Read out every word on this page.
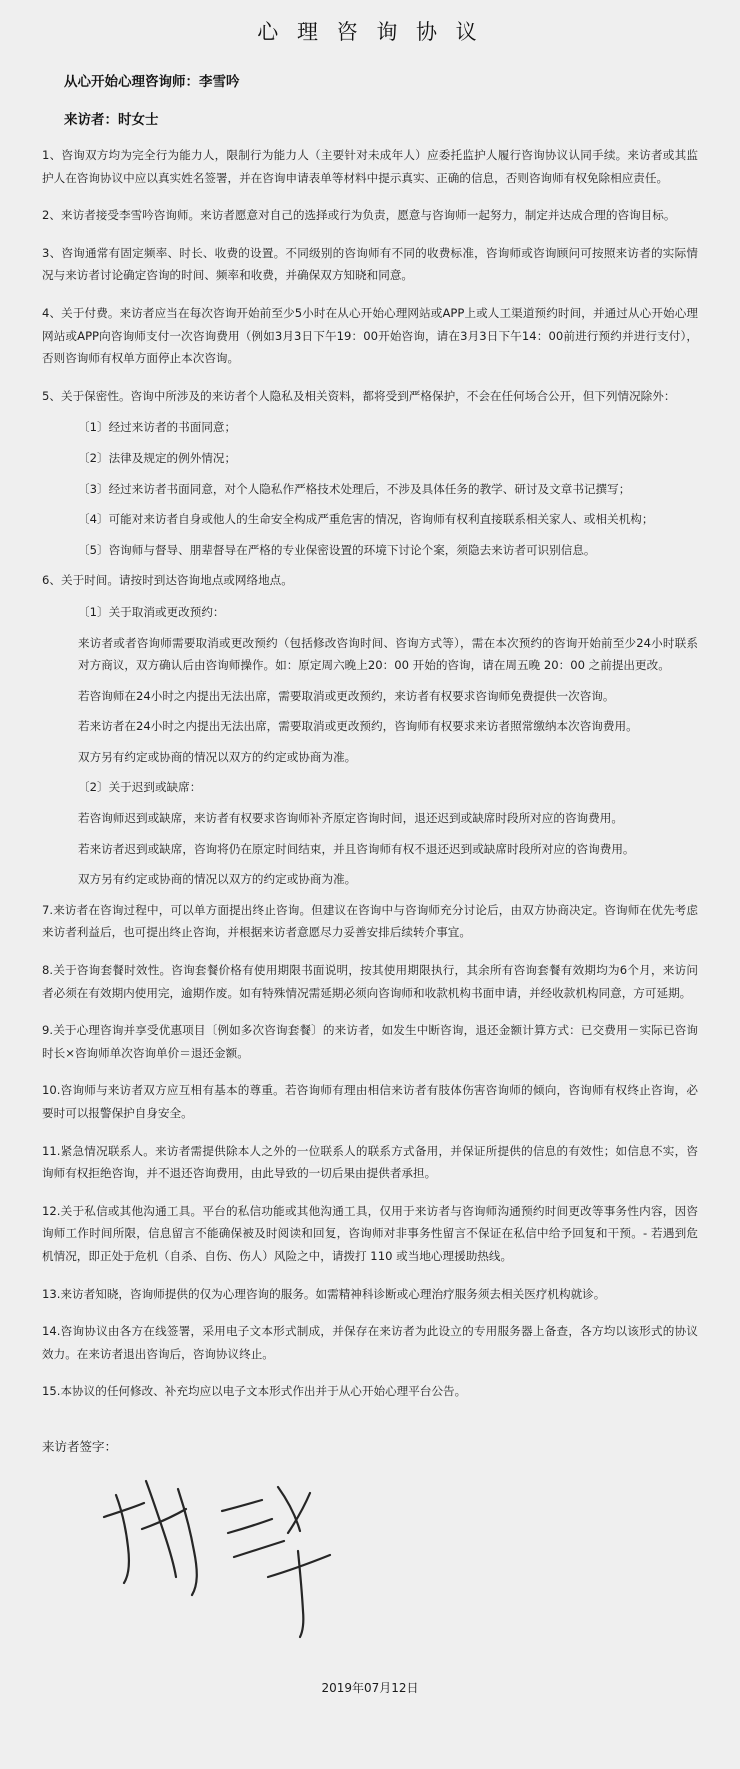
心 理 咨 询 协 议
从心开始心理咨询师：李雪吟
来访者：时女士

1、咨询双方均为完全行为能力人，限制行为能力人（主要针对未成年人）应委托监护人履行咨询协议认同手续。来访者或其监护人在咨询协议中应以真实姓名签署，并在咨询申请表单等材料中提示真实、正确的信息，否则咨询师有权免除相应责任。

2、来访者接受李雪吟咨询师。来访者愿意对自己的选择或行为负责，愿意与咨询师一起努力，制定并达成合理的咨询目标。

3、咨询通常有固定频率、时长、收费的设置。不同级别的咨询师有不同的收费标准，咨询师或咨询顾问可按照来访者的实际情况与来访者讨论确定咨询的时间、频率和收费，并确保双方知晓和同意。

4、关于付费。来访者应当在每次咨询开始前至少5小时在从心开始心理网站或APP上或人工渠道预约时间，并通过从心开始心理网站或APP向咨询师支付一次咨询费用（例如3月3日下午19：00开始咨询，请在3月3日下午14：00前进行预约并进行支付），否则咨询师有权单方面停止本次咨询。

5、关于保密性。咨询中所涉及的来访者个人隐私及相关资料，都将受到严格保护，不会在任何场合公开，但下列情况除外：

〔1〕经过来访者的书面同意；

〔2〕法律及规定的例外情况；

〔3〕经过来访者书面同意，对个人隐私作严格技术处理后，不涉及具体任务的教学、研讨及文章书记撰写；

〔4〕可能对来访者自身或他人的生命安全构成严重危害的情况，咨询师有权利直接联系相关家人、或相关机构；

〔5〕咨询师与督导、朋辈督导在严格的专业保密设置的环境下讨论个案，须隐去来访者可识别信息。

6、关于时间。请按时到达咨询地点或网络地点。

〔1〕关于取消或更改预约：

来访者或者咨询师需要取消或更改预约（包括修改咨询时间、咨询方式等），需在本次预约的咨询开始前至少24小时联系对方商议，双方确认后由咨询师操作。如：原定周六晚上20：00 开始的咨询，请在周五晚 20：00 之前提出更改。

若咨询师在24小时之内提出无法出席，需要取消或更改预约，来访者有权要求咨询师免费提供一次咨询。

若来访者在24小时之内提出无法出席，需要取消或更改预约，咨询师有权要求来访者照常缴纳本次咨询费用。

双方另有约定或协商的情况以双方的约定或协商为准。

〔2〕关于迟到或缺席：

若咨询师迟到或缺席，来访者有权要求咨询师补齐原定咨询时间，退还迟到或缺席时段所对应的咨询费用。

若来访者迟到或缺席，咨询将仍在原定时间结束，并且咨询师有权不退还迟到或缺席时段所对应的咨询费用。

双方另有约定或协商的情况以双方的约定或协商为准。

7.来访者在咨询过程中，可以单方面提出终止咨询。但建议在咨询中与咨询师充分讨论后，由双方协商决定。咨询师在优先考虑来访者利益后，也可提出终止咨询，并根据来访者意愿尽力妥善安排后续转介事宜。

8.关于咨询套餐时效性。咨询套餐价格有使用期限书面说明，按其使用期限执行，其余所有咨询套餐有效期均为6个月，来访问者必须在有效期内使用完，逾期作废。如有特殊情况需延期必须向咨询师和收款机构书面申请，并经收款机构同意，方可延期。

9.关于心理咨询并享受优惠项目〔例如多次咨询套餐〕的来访者，如发生中断咨询，退还金额计算方式：已交费用－实际已咨询时长×咨询师单次咨询单价＝退还金额。

10.咨询师与来访者双方应互相有基本的尊重。若咨询师有理由相信来访者有肢体伤害咨询师的倾向，咨询师有权终止咨询，必要时可以报警保护自身安全。

11.紧急情况联系人。来访者需提供除本人之外的一位联系人的联系方式备用，并保证所提供的信息的有效性；如信息不实，咨询师有权拒绝咨询，并不退还咨询费用，由此导致的一切后果由提供者承担。

12.关于私信或其他沟通工具。平台的私信功能或其他沟通工具，仅用于来访者与咨询师沟通预约时间更改等事务性内容，因咨询师工作时间所限，信息留言不能确保被及时阅读和回复，咨询师对非事务性留言不保证在私信中给予回复和干预。- 若遇到危机情况，即正处于危机（自杀、自伤、伤人）风险之中，请拨打 110 或当地心理援助热线。

13.来访者知晓，咨询师提供的仅为心理咨询的服务。如需精神科诊断或心理治疗服务须去相关医疗机构就诊。

14.咨询协议由各方在线签署，采用电子文本形式制成，并保存在来访者为此设立的专用服务器上备查，各方均以该形式的协议效力。在来访者退出咨询后，咨询协议终止。

15.本协议的任何修改、补充均应以电子文本形式作出并于从心开始心理平台公告。

来访者签字：
2019年07月12日
